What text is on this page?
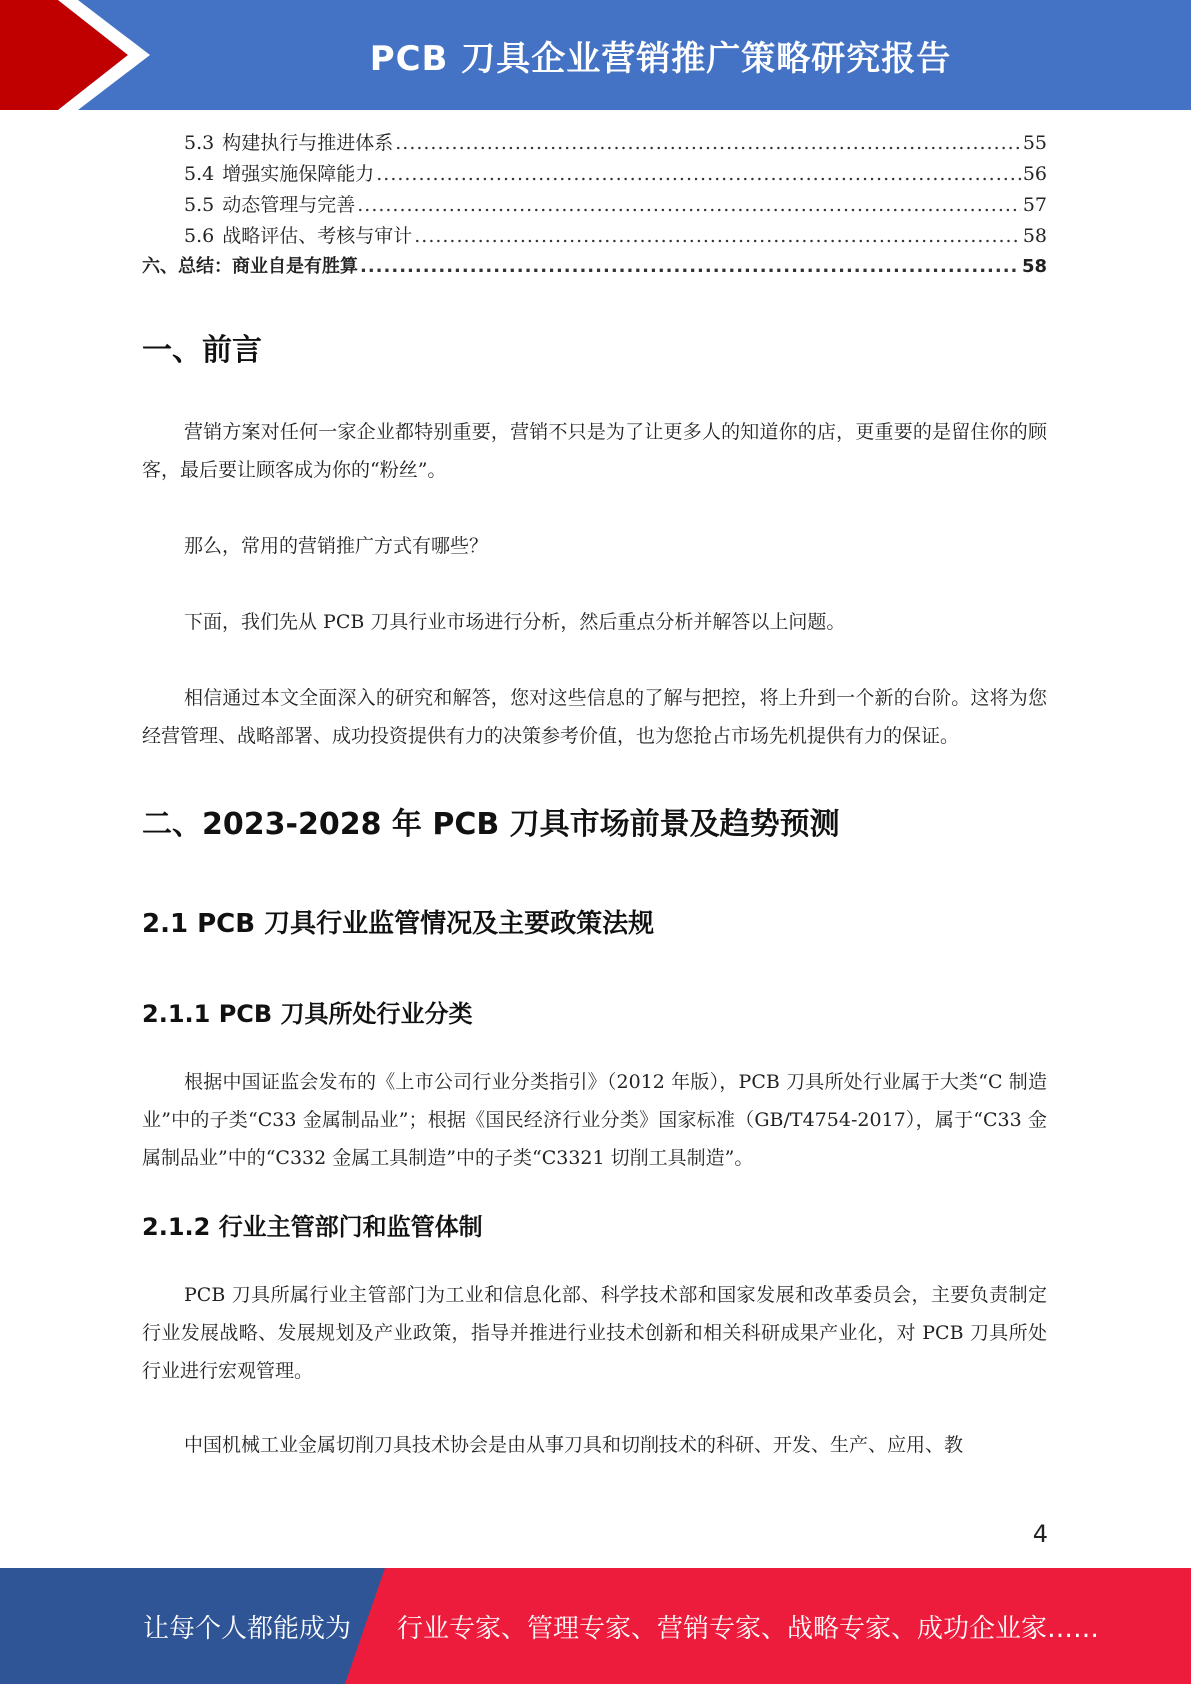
PCB 刀具企业营销推广策略研究报告
5.3 构建执行与推进体系 .....	55
5.4 增强实施保障能力 .....	56
5.5 动态管理与完善 .....	57
5.6 战略评估、考核与审计 .....	58
六、总结：商业自是有胜算 .....	58
一、前言

营销方案对任何一家企业都特别重要，营销不只是为了让更多人的知道你的店，更重要的是留住你的顾客，最后要让顾客成为你的“粉丝”。

那么，常用的营销推广方式有哪些？

下面，我们先从 PCB 刀具行业市场进行分析，然后重点分析并解答以上问题。

相信通过本文全面深入的研究和解答，您对这些信息的了解与把控，将上升到一个新的台阶。这将为您经营管理、战略部署、成功投资提供有力的决策参考价值，也为您抢占市场先机提供有力的保证。

二、2023-2028 年 PCB 刀具市场前景及趋势预测
2.1 PCB 刀具行业监管情况及主要政策法规
2.1.1 PCB 刀具所处行业分类

根据中国证监会发布的《上市公司行业分类指引》（2012 年版），PCB 刀具所处行业属于大类“C 制造业”中的子类“C33 金属制品业”；根据《国民经济行业分类》国家标准（GB/T4754-2017），属于“C33 金属制品业”中的“C332 金属工具制造”中的子类“C3321 切削工具制造”。

2.1.2 行业主管部门和监管体制

PCB 刀具所属行业主管部门为工业和信息化部、科学技术部和国家发展和改革委员会，主要负责制定行业发展战略、发展规划及产业政策，指导并推进行业技术创新和相关科研成果产业化，对 PCB 刀具所处行业进行宏观管理。

中国机械工业金属切削刀具技术协会是由从事刀具和切削技术的科研、开发、生产、应用、教

4
让每个人都能成为 行业专家、管理专家、营销专家、战略专家、成功企业家……
